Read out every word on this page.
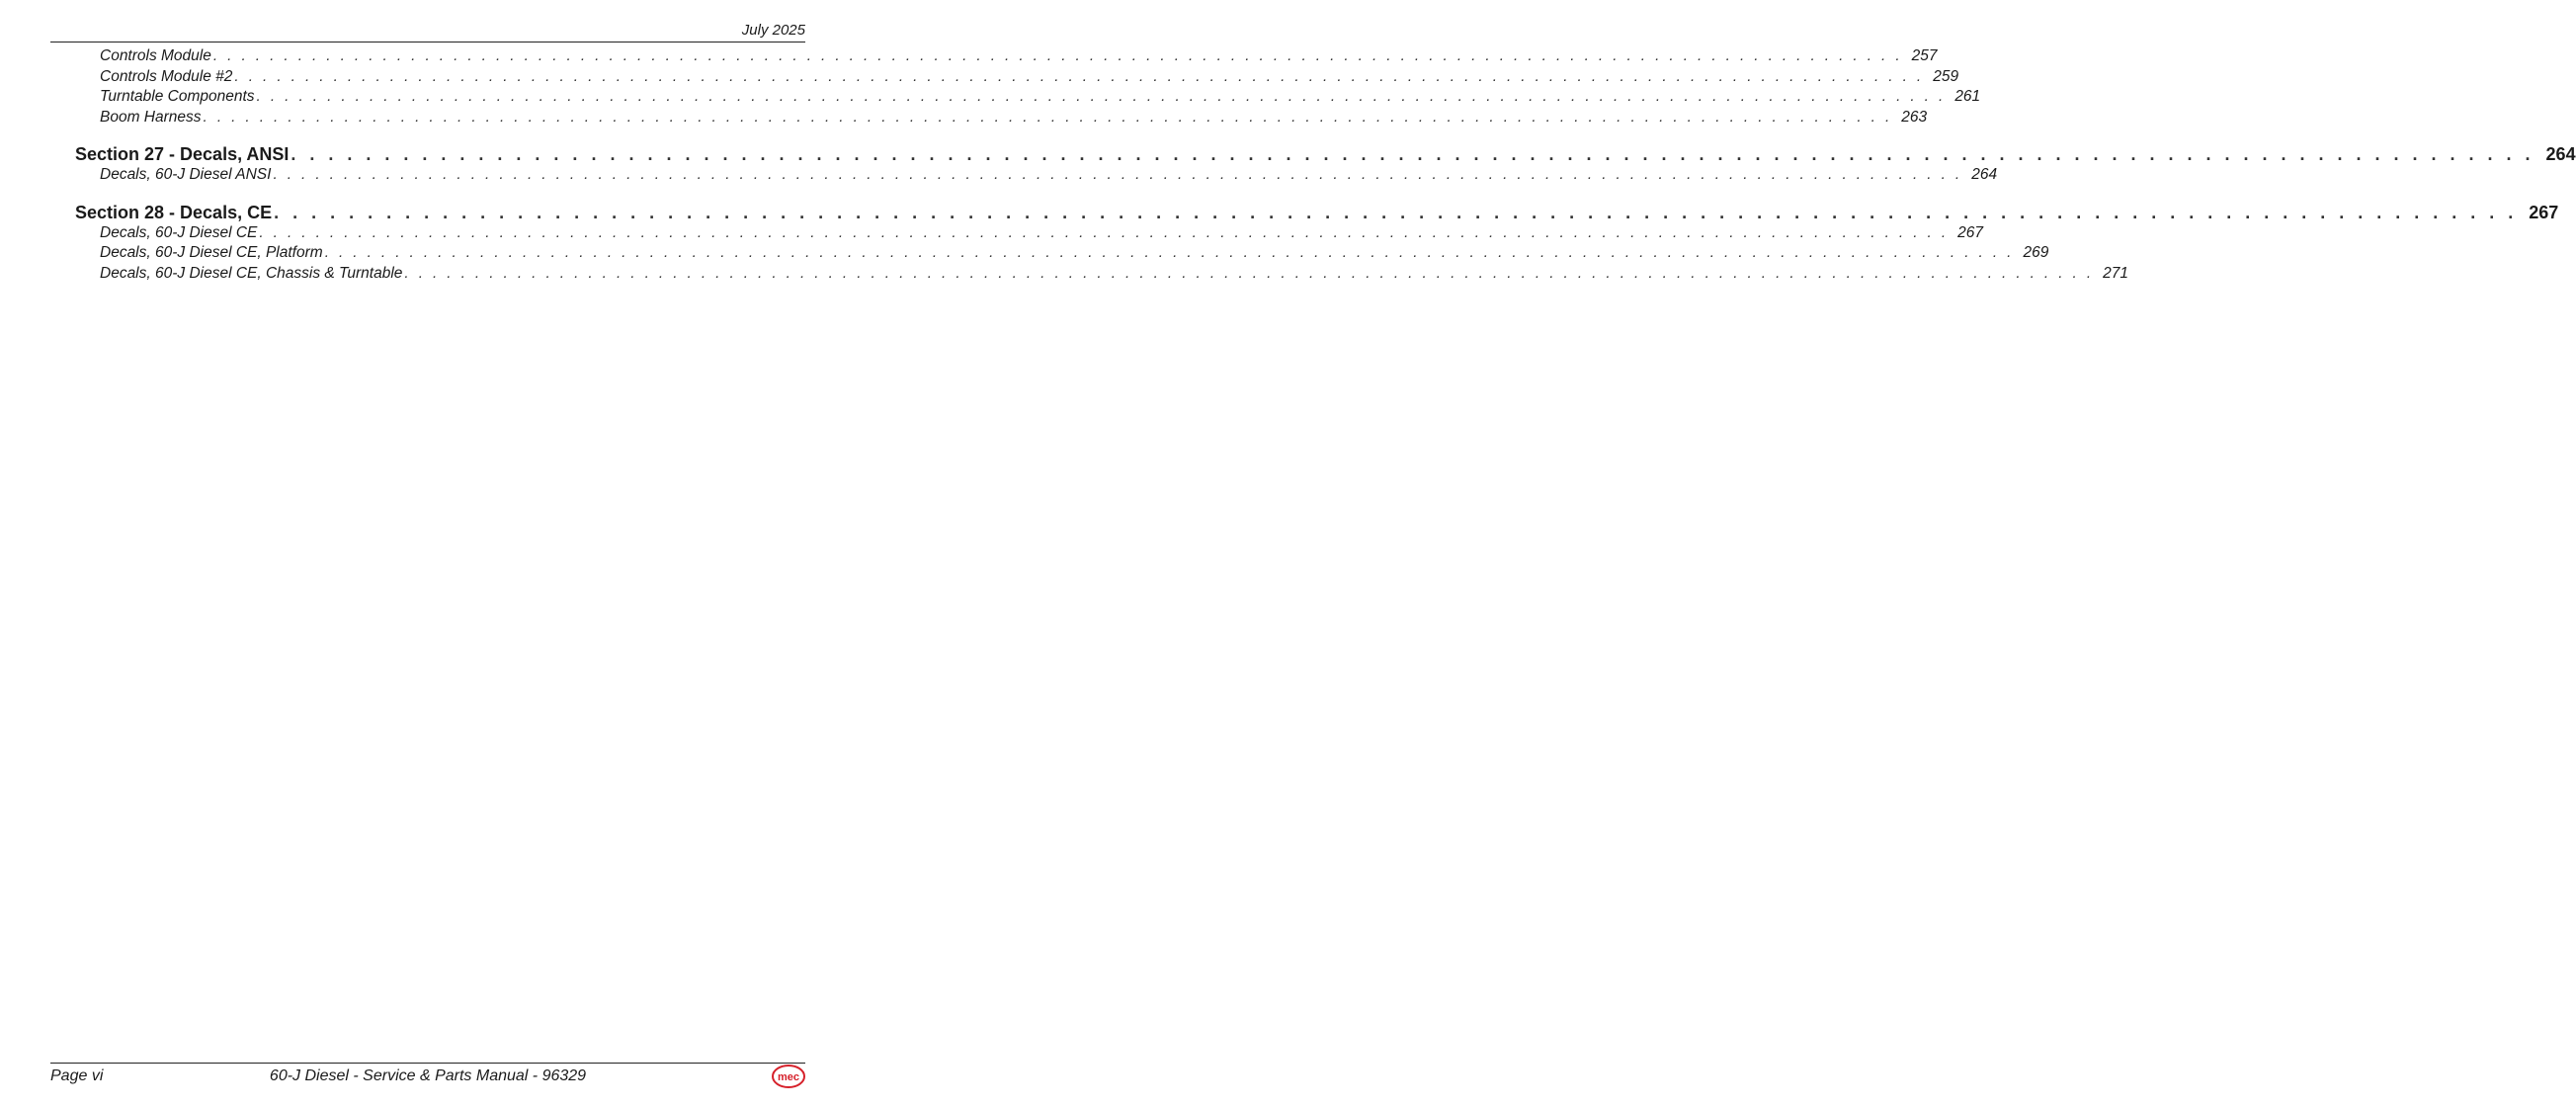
July 2025
Controls Module ........................................................................................................................ 257
Controls Module #2 ........................................................................................................................ 259
Turntable Components ........................................................................................................................ 261
Boom Harness ........................................................................................................................ 263
Section 27 - Decals, ANSI ........................................................................................................................ 264
Decals, 60-J Diesel ANSI ........................................................................................................................ 264
Section 28 - Decals, CE ........................................................................................................................ 267
Decals, 60-J Diesel CE ........................................................................................................................ 267
Decals, 60-J Diesel CE, Platform ........................................................................................................................ 269
Decals, 60-J Diesel CE, Chassis & Turntable ........................................................................................................................ 271
Page vi	60-J Diesel - Service & Parts Manual - 96329	mec
